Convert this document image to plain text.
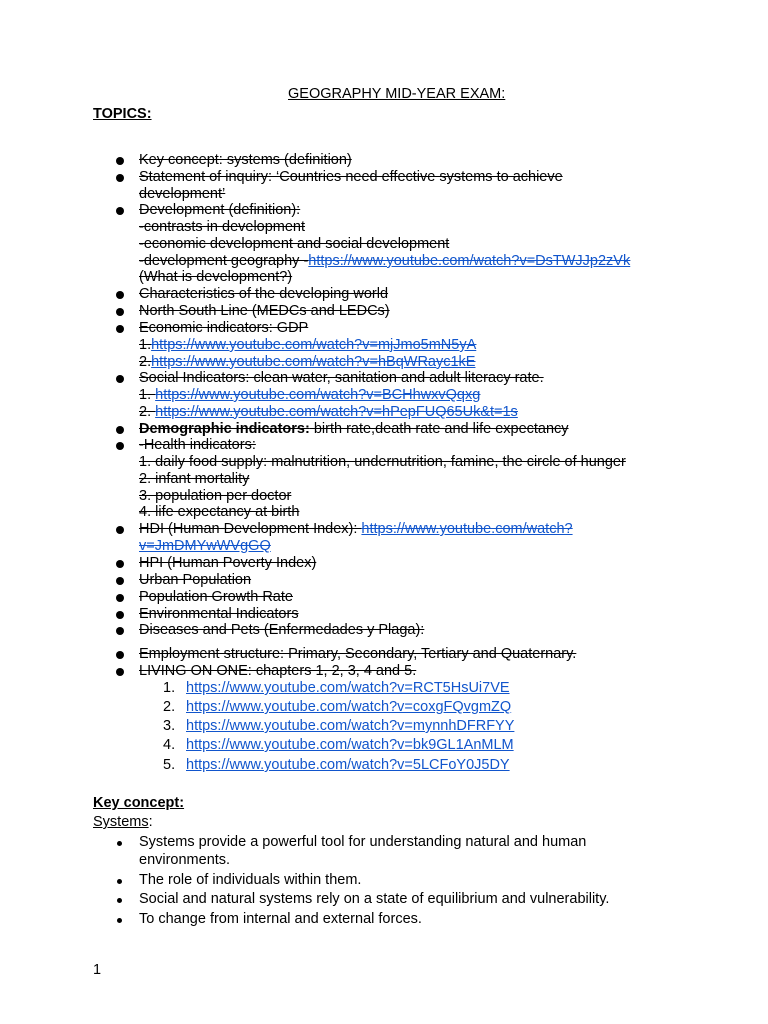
GEOGRAPHY MID-YEAR EXAM:
TOPICS:
Key concept: systems (definition)
Statement of inquiry: ‘Countries need effective systems to achieve
development’
Development (definition):
-contrasts in development
-economic development and social development
-development geography -https://www.youtube.com/watch?v=DsTWJJp2zVk
(What is development?)
Characteristics of the developing world
North South Line (MEDCs and LEDCs)
Economic indicators: GDP
1.https://www.youtube.com/watch?v=mjJmo5mN5yA
2.https://www.youtube.com/watch?v=hBqWRayc1kE
Social Indicators: clean water, sanitation and adult literacy rate.
1. https://www.youtube.com/watch?v=BCHhwxvQqxg
2. https://www.youtube.com/watch?v=hPepFUQ65Uk&t=1s
Demographic indicators: birth rate,death rate and life expectancy
-Health indicators:
1. daily food supply: malnutrition, undernutrition, famine, the circle of hunger
2. infant mortality
3. population per doctor
4. life expectancy at birth
HDI (Human Development Index): https://www.youtube.com/watch?
v=JmDMYwWVgGQ
HPI (Human Poverty Index)
Urban Population
Population Growth Rate
Environmental Indicators
Diseases and Pets (Enfermedades y Plaga):
Employment structure: Primary, Secondary, Tertiary and Quaternary.
LIVING ON ONE: chapters 1, 2, 3, 4 and 5.
1. https://www.youtube.com/watch?v=RCT5HsUi7VE
2. https://www.youtube.com/watch?v=coxgFQvgmZQ
3. https://www.youtube.com/watch?v=mynnhDFRFYY
4. https://www.youtube.com/watch?v=bk9GL1AnMLM
5. https://www.youtube.com/watch?v=5LCFoY0J5DY
Key concept:
Systems:
Systems provide a powerful tool for understanding natural and human
environments.
The role of individuals within them.
Social and natural systems rely on a state of equilibrium and vulnerability.
To change from internal and external forces.
1
